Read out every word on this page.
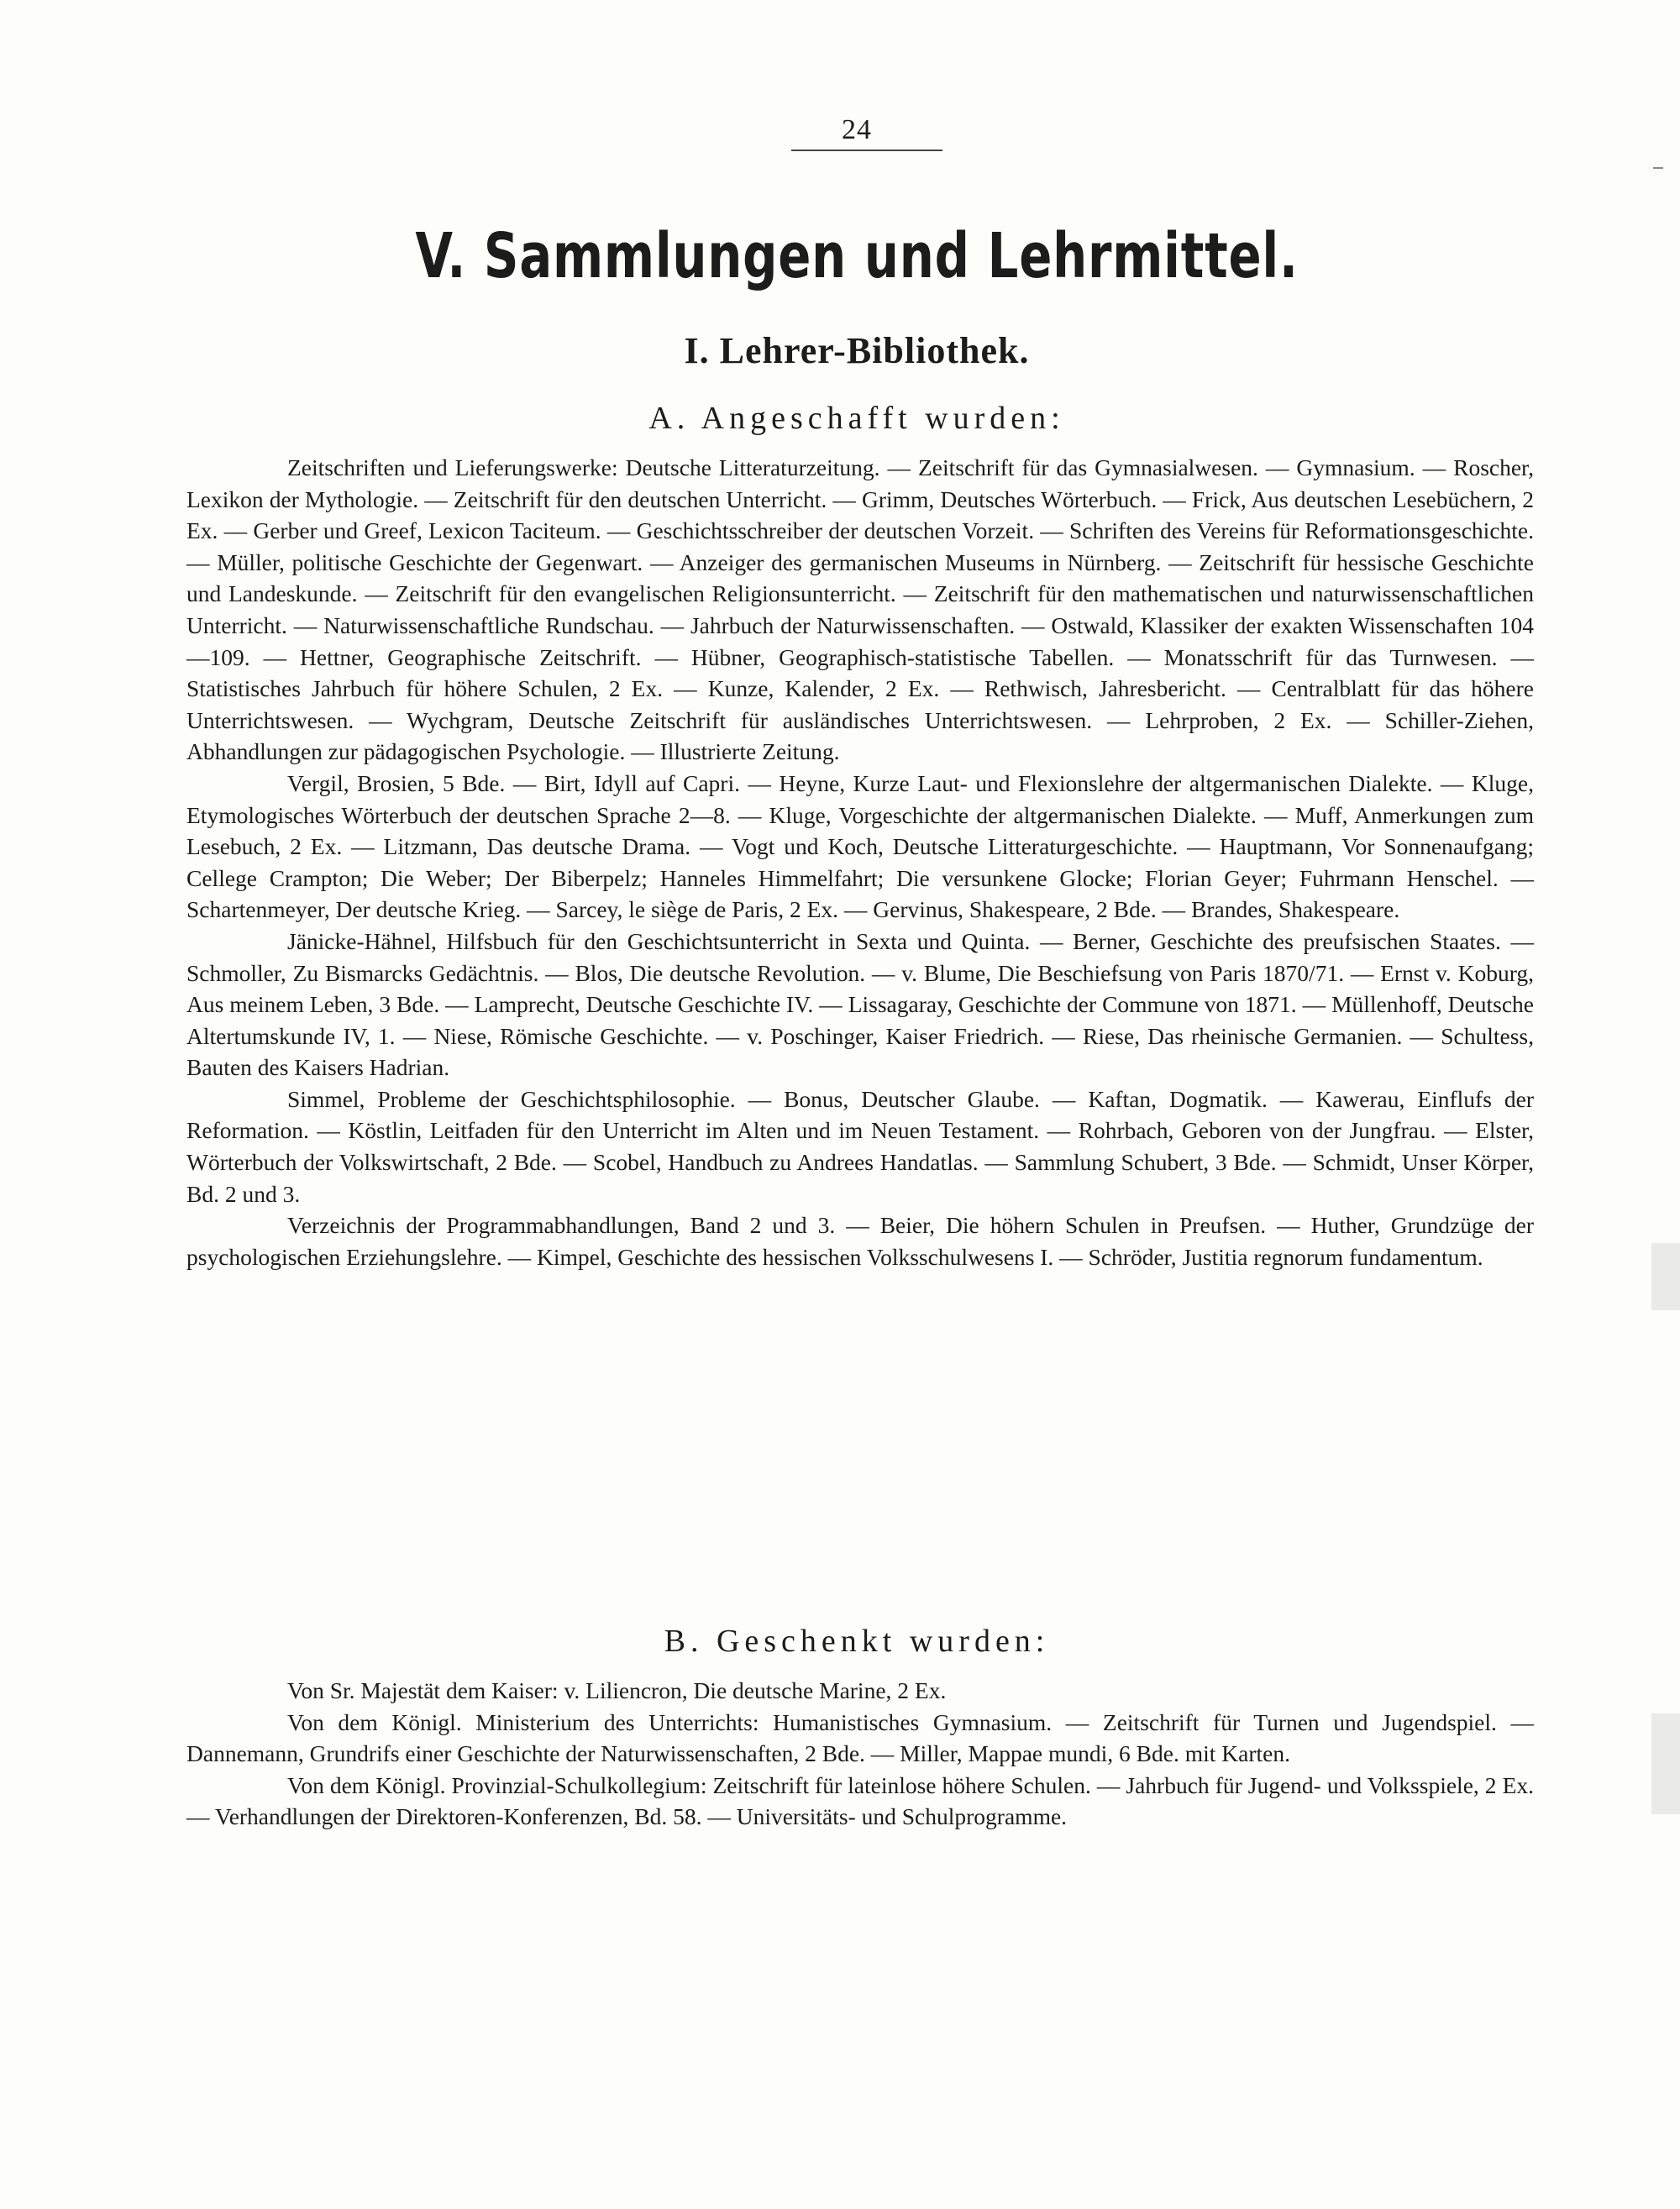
24
V. Sammlungen und Lehrmittel.
I. Lehrer-Bibliothek.
A. Angeschafft wurden:

Zeitschriften und Lieferungswerke: Deutsche Litteraturzeitung. — Zeitschrift für das Gymnasialwesen. — Gymnasium. — Roscher, Lexikon der Mythologie. — Zeitschrift für den deutschen Unterricht. — Grimm, Deutsches Wörterbuch. — Frick, Aus deutschen Lesebüchern, 2 Ex. — Gerber und Greef, Lexicon Taciteum. — Geschichtsschreiber der deutschen Vorzeit. — Schriften des Vereins für Reformationsgeschichte. — Müller, politische Geschichte der Gegenwart. — Anzeiger des germanischen Museums in Nürnberg. — Zeitschrift für hessische Geschichte und Landeskunde. — Zeitschrift für den evangelischen Religionsunterricht. — Zeitschrift für den mathematischen und naturwissenschaftlichen Unterricht. — Naturwissenschaftliche Rundschau. — Jahrbuch der Naturwissenschaften. — Ostwald, Klassiker der exakten Wissenschaften 104—109. — Hettner, Geographische Zeitschrift. — Hübner, Geographisch-statistische Tabellen. — Monatsschrift für das Turnwesen. — Statistisches Jahrbuch für höhere Schulen, 2 Ex. — Kunze, Kalender, 2 Ex. — Rethwisch, Jahresbericht. — Centralblatt für das höhere Unterrichtswesen. — Wychgram, Deutsche Zeitschrift für ausländisches Unterrichtswesen. — Lehrproben, 2 Ex. — Schiller-Ziehen, Abhandlungen zur pädagogischen Psychologie. — Illustrierte Zeitung.

Vergil, Brosien, 5 Bde. — Birt, Idyll auf Capri. — Heyne, Kurze Laut- und Flexionslehre der altgermanischen Dialekte. — Kluge, Etymologisches Wörterbuch der deutschen Sprache 2—8. — Kluge, Vorgeschichte der altgermanischen Dialekte. — Muff, Anmerkungen zum Lesebuch, 2 Ex. — Litzmann, Das deutsche Drama. — Vogt und Koch, Deutsche Litteraturgeschichte. — Hauptmann, Vor Sonnenaufgang; Cellege Crampton; Die Weber; Der Biberpelz; Hanneles Himmelfahrt; Die versunkene Glocke; Florian Geyer; Fuhrmann Henschel. — Schartenmeyer, Der deutsche Krieg. — Sarcey, le siège de Paris, 2 Ex. — Gervinus, Shakespeare, 2 Bde. — Brandes, Shakespeare.

Jänicke-Hähnel, Hilfsbuch für den Geschichtsunterricht in Sexta und Quinta. — Berner, Geschichte des preufsischen Staates. — Schmoller, Zu Bismarcks Gedächtnis. — Blos, Die deutsche Revolution. — v. Blume, Die Beschiefsung von Paris 1870/71. — Ernst v. Koburg, Aus meinem Leben, 3 Bde. — Lamprecht, Deutsche Geschichte IV. — Lissagaray, Geschichte der Commune von 1871. — Müllenhoff, Deutsche Altertumskunde IV, 1. — Niese, Römische Geschichte. — v. Poschinger, Kaiser Friedrich. — Riese, Das rheinische Germanien. — Schultess, Bauten des Kaisers Hadrian.

Simmel, Probleme der Geschichtsphilosophie. — Bonus, Deutscher Glaube. — Kaftan, Dogmatik. — Kawerau, Einflufs der Reformation. — Köstlin, Leitfaden für den Unterricht im Alten und im Neuen Testament. — Rohrbach, Geboren von der Jungfrau. — Elster, Wörterbuch der Volkswirtschaft, 2 Bde. — Scobel, Handbuch zu Andrees Handatlas. — Sammlung Schubert, 3 Bde. — Schmidt, Unser Körper, Bd. 2 und 3.

Verzeichnis der Programmabhandlungen, Band 2 und 3. — Beier, Die höhern Schulen in Preufsen. — Huther, Grundzüge der psychologischen Erziehungslehre. — Kimpel, Geschichte des hessischen Volksschulwesens I. — Schröder, Justitia regnorum fundamentum.

B. Geschenkt wurden:

Von Sr. Majestät dem Kaiser: v. Liliencron, Die deutsche Marine, 2 Ex.

Von dem Königl. Ministerium des Unterrichts: Humanistisches Gymnasium. — Zeitschrift für Turnen und Jugendspiel. — Dannemann, Grundrifs einer Geschichte der Naturwissenschaften, 2 Bde. — Miller, Mappae mundi, 6 Bde. mit Karten.

Von dem Königl. Provinzial-Schulkollegium: Zeitschrift für lateinlose höhere Schulen. — Jahrbuch für Jugend- und Volksspiele, 2 Ex. — Verhandlungen der Direktoren-Konferenzen, Bd. 58. — Universitäts- und Schulprogramme.
